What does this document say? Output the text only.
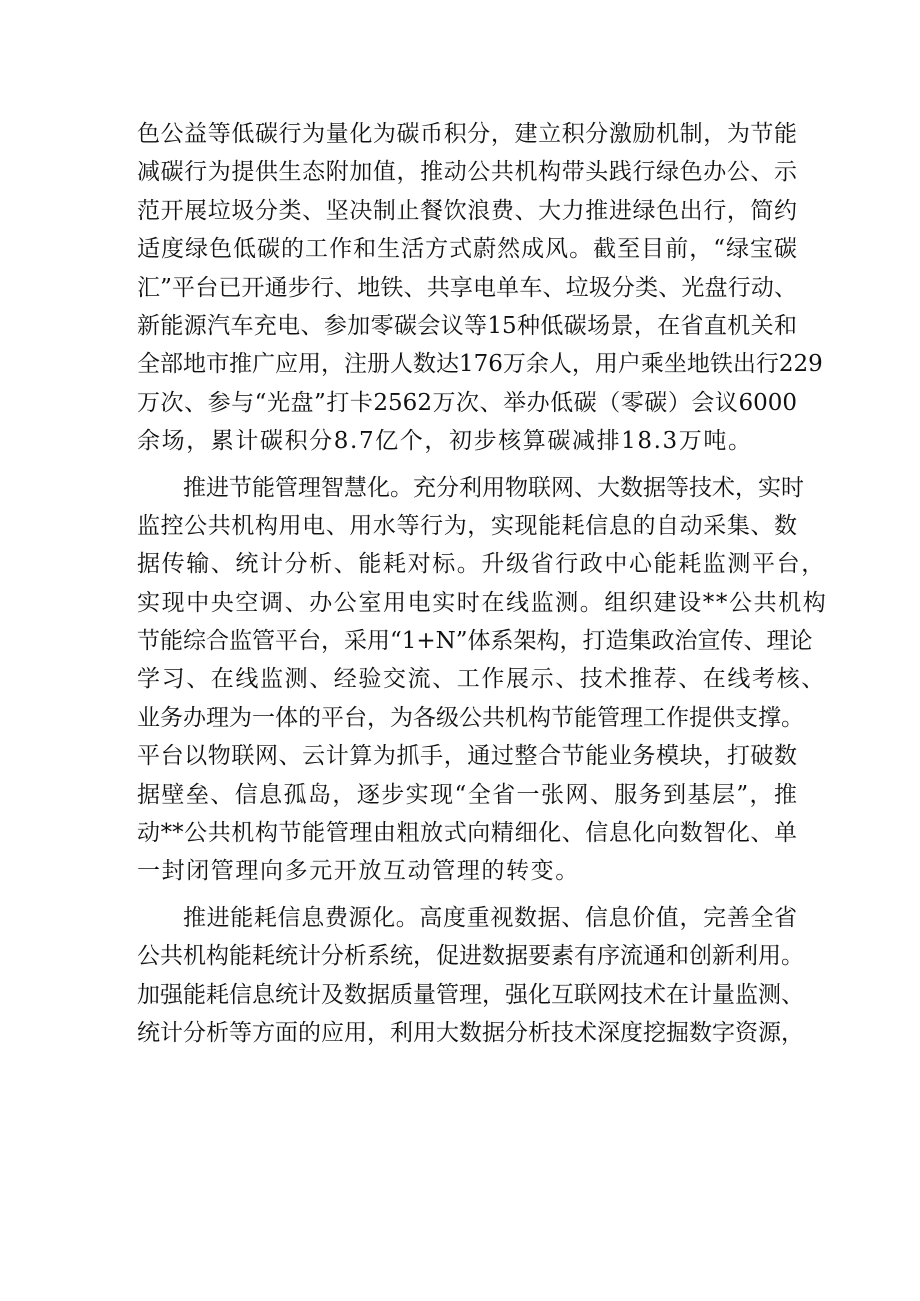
色公益等低碳行为量化为碳币积分，建立积分激励机制，为节能
减碳行为提供生态附加值，推动公共机构带头践行绿色办公、示
范开展垃圾分类、坚决制止餐饮浪费、大力推进绿色出行，简约
适度绿色低碳的工作和生活方式蔚然成风。截至目前，“绿宝碳
汇”平台已开通步行、地铁、共享电单车、垃圾分类、光盘行动、
新能源汽车充电、参加零碳会议等15种低碳场景，在省直机关和
全部地市推广应用，注册人数达176万余人，用户乘坐地铁出行229
万次、参与“光盘”打卡2562万次、举办低碳（零碳）会议6000
余场，累计碳积分8.7亿个，初步核算碳减排18.3万吨。
推进节能管理智慧化。充分利用物联网、大数据等技术，实时
监控公共机构用电、用水等行为，实现能耗信息的自动采集、数
据传输、统计分析、能耗对标。升级省行政中心能耗监测平台，
实现中央空调、办公室用电实时在线监测。组织建设**公共机构
节能综合监管平台，采用“1+N”体系架构，打造集政治宣传、理论
学习、在线监测、经验交流、工作展示、技术推荐、在线考核、
业务办理为一体的平台，为各级公共机构节能管理工作提供支撑。
平台以物联网、云计算为抓手，通过整合节能业务模块，打破数
据壁垒、信息孤岛，逐步实现“全省一张网、服务到基层”，推
动**公共机构节能管理由粗放式向精细化、信息化向数智化、单
一封闭管理向多元开放互动管理的转变。
推进能耗信息费源化。高度重视数据、信息价值，完善全省
公共机构能耗统计分析系统，促进数据要素有序流通和创新利用。
加强能耗信息统计及数据质量管理，强化互联网技术在计量监测、
统计分析等方面的应用，利用大数据分析技术深度挖掘数字资源，
